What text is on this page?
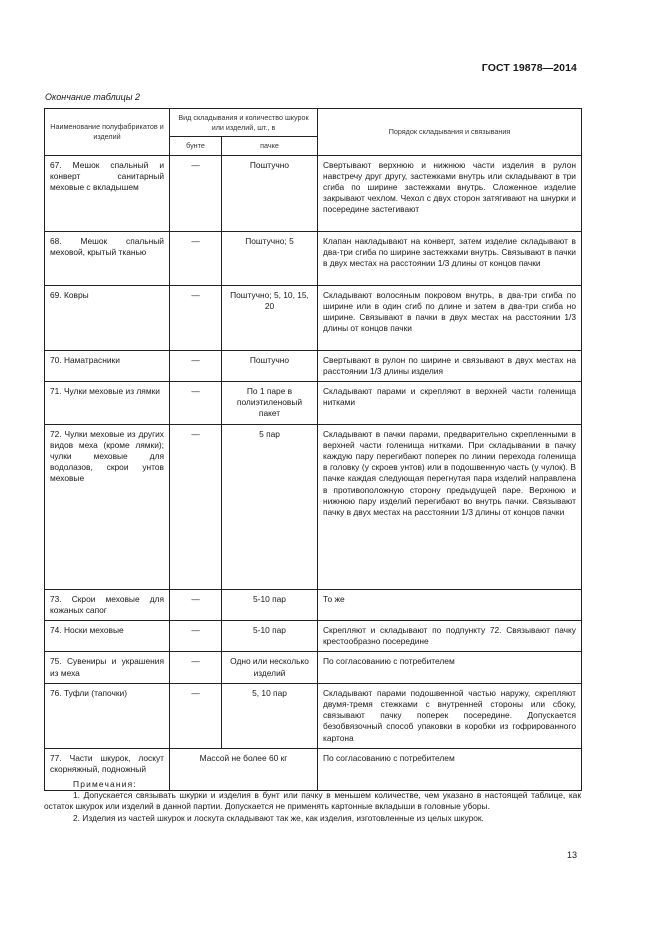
ГОСТ 19878—2014
Окончание таблицы 2
Наименование полуфабрикатов и изделий	Вид складывания и количество шкурок или изделий, шт., в		Порядок складывания и связывания
	бунте	пачке	
67. Мешок спальный и конверт санитарный меховые с вкладышем	—	Поштучно	Свертывают верхнюю и нижнюю части изделия в рулон навстречу друг другу, застежками внутрь или складывают в три сгиба по ширине застежками внутрь. Сложенное изделие закрывают чехлом. Чехол с двух сторон затягивают на шнурки и посередине застегивают
68. Мешок спальный меховой, крытый тканью	—	Поштучно; 5	Клапан накладывают на конверт, затем изделие складывают в два-три сгиба по ширине застежками внутрь. Связывают в пачки в двух местах на расстоянии 1/3 длины от концов пачки
69. Ковры	—	Поштучно; 5, 10, 15, 20	Складывают волосяным покровом внутрь, в два-три сгиба по ширине или в один сгиб по длине и затем в два-три сгиба но ширине. Связывают в пачки в двух местах на расстоянии 1/3 длины от концов пачки
70. Наматрасники	—	Поштучно	Свертывают в рулон по ширине и связывают в двух местах на расстоянии 1/3 длины изделия
71. Чулки меховые из лямки	—	По 1 паре в полиэтиленовый пакет	Складывают парами и скрепляют в верхней части голенища нитками
72. Чулки меховые из других видов меха (кроме лямки); чулки меховые для водолазов, скрои унтов меховые	—	5 пар	Складывают в пачки парами, предварительно скрепленными в верхней части голенища нитками. При складывании в пачку каждую пару перегибают поперек по линии перехода голенища в головку (у скроев унтов) или в подошвенную часть (у чулок). В пачке каждая следующая перегнутая пара изделий направлена в противоположную сторону предыдущей паре. Верхнюю и нижнюю пару изделий перегибают во внутрь пачки. Связывают пачку в двух местах на расстоянии 1/3 длины от концов пачки
73. Скрои меховые для кожаных сапог	—	5-10 пар	То же
74. Носки меховые	—	5-10 пар	Скрепляют и складывают по подпункту 72. Связывают пачку крестообразно посередине
75. Сувениры и украшения из меха	—	Одно или несколько изделий	По согласованию с потребителем
76. Туфли (тапочки)	—	5, 10 пар	Складывают парами подошвенной частью наружу, скрепляют двумя-тремя стежками с внутренней стороны или сбоку, связывают пачку поперек посередине. Допускается безобвязочный способ упаковки в коробки из гофрированного картона
77. Части шкурок, лоскут скорняжный, подножный	Массой не более 60 кг		По согласованию с потребителем
Примечания:
1. Допускается связывать шкурки и изделия в бунт или пачку в меньшем количестве, чем указано в настоящей таблице, как остаток шкурок или изделий в данной партии. Допускается не применять картонные вкладыши в головные уборы.
2. Изделия из частей шкурок и лоскута складывают так же, как изделия, изготовленные из целых шкурок.
13
